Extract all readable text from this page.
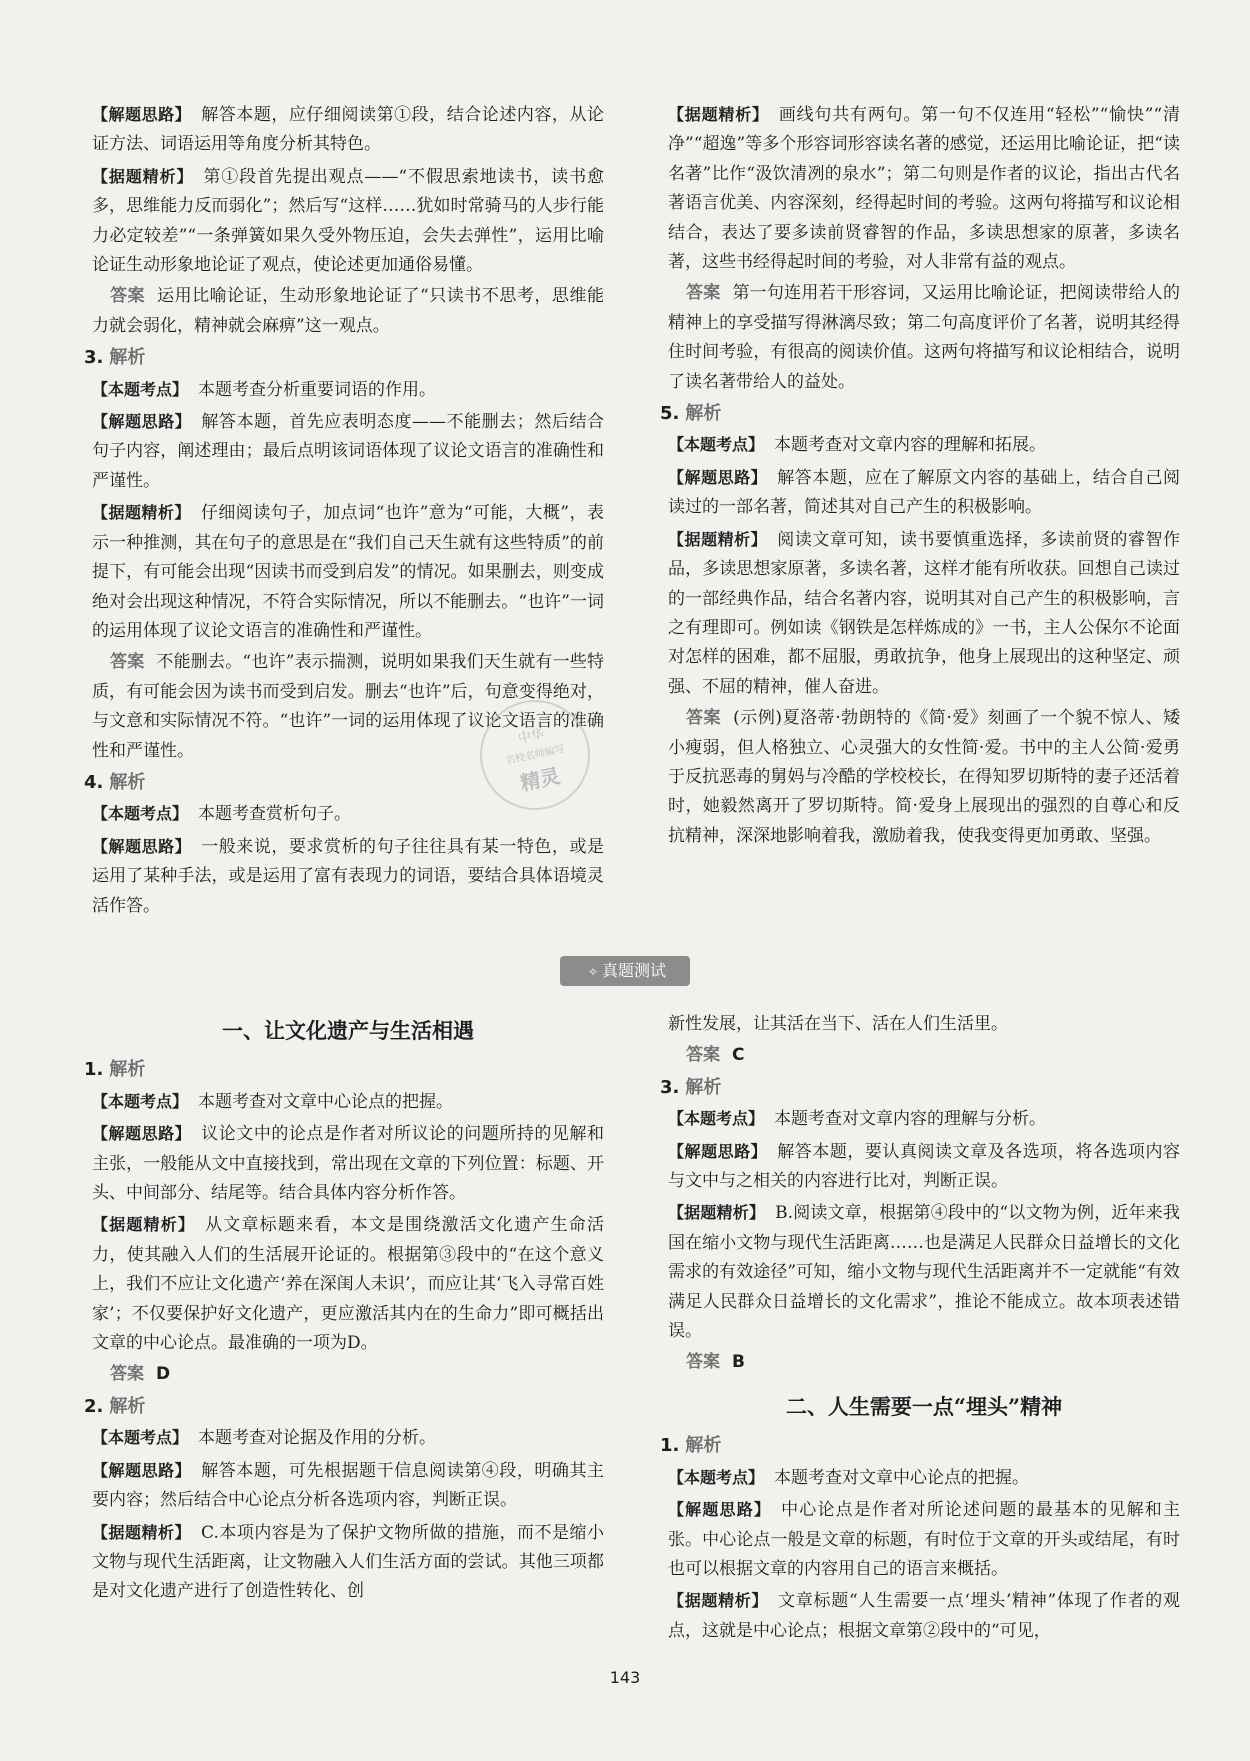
【解题思路】 解答本题，应仔细阅读第①段，结合论述内容，从论证方法、词语运用等角度分析其特色。

【据题精析】 第①段首先提出观点——“不假思索地读书，读书愈多，思维能力反而弱化”；然后写“这样……犹如时常骑马的人步行能力必定较差”“一条弹簧如果久受外物压迫，会失去弹性”，运用比喻论证生动形象地论证了观点，使论述更加通俗易懂。

答案 运用比喻论证，生动形象地论证了“只读书不思考，思维能力就会弱化，精神就会麻痹”这一观点。

3. 解析

【本题考点】 本题考查分析重要词语的作用。

【解题思路】 解答本题，首先应表明态度——不能删去；然后结合句子内容，阐述理由；最后点明该词语体现了议论文语言的准确性和严谨性。

【据题精析】 仔细阅读句子，加点词“也许”意为“可能，大概”，表示一种推测，其在句子的意思是在“我们自己天生就有这些特质”的前提下，有可能会出现“因读书而受到启发”的情况。如果删去，则变成绝对会出现这种情况，不符合实际情况，所以不能删去。“也许”一词的运用体现了议论文语言的准确性和严谨性。

答案 不能删去。“也许”表示揣测，说明如果我们天生就有一些特质，有可能会因为读书而受到启发。删去“也许”后，句意变得绝对，与文意和实际情况不符。“也许”一词的运用体现了议论文语言的准确性和严谨性。

4. 解析

【本题考点】 本题考查赏析句子。

【解题思路】 一般来说，要求赏析的句子往往具有某一特色，或是运用了某种手法，或是运用了富有表现力的词语，要结合具体语境灵活作答。

【据题精析】 画线句共有两句。第一句不仅连用“轻松”“愉快”“清净”“超逸”等多个形容词形容读名著的感觉，还运用比喻论证，把“读名著”比作“汲饮清冽的泉水”；第二句则是作者的议论，指出古代名著语言优美、内容深刻，经得起时间的考验。这两句将描写和议论相结合，表达了要多读前贤睿智的作品，多读思想家的原著，多读名著，这些书经得起时间的考验，对人非常有益的观点。

答案 第一句连用若干形容词，又运用比喻论证，把阅读带给人的精神上的享受描写得淋漓尽致；第二句高度评价了名著，说明其经得住时间考验，有很高的阅读价值。这两句将描写和议论相结合，说明了读名著带给人的益处。

5. 解析

【本题考点】 本题考查对文章内容的理解和拓展。

【解题思路】 解答本题，应在了解原文内容的基础上，结合自己阅读过的一部名著，简述其对自己产生的积极影响。

【据题精析】 阅读文章可知，读书要慎重选择，多读前贤的睿智作品，多读思想家原著，多读名著，这样才能有所收获。回想自己读过的一部经典作品，结合名著内容，说明其对自己产生的积极影响，言之有理即可。例如读《钢铁是怎样炼成的》一书，主人公保尔不论面对怎样的困难，都不屈服，勇敢抗争，他身上展现出的这种坚定、顽强、不屈的精神，催人奋进。

答案 (示例)夏洛蒂·勃朗特的《简·爱》刻画了一个貌不惊人、矮小瘦弱，但人格独立、心灵强大的女性简·爱。书中的主人公简·爱勇于反抗恶毒的舅妈与冷酷的学校校长，在得知罗切斯特的妻子还活着时，她毅然离开了罗切斯特。简·爱身上展现出的强烈的自尊心和反抗精神，深深地影响着我，激励着我，使我变得更加勇敢、坚强。

中华
名校名师编写
精灵
✧ 真题测试
一、让文化遗产与生活相遇
1. 解析

【本题考点】 本题考查对文章中心论点的把握。

【解题思路】 议论文中的论点是作者对所议论的问题所持的见解和主张，一般能从文中直接找到，常出现在文章的下列位置：标题、开头、中间部分、结尾等。结合具体内容分析作答。

【据题精析】 从文章标题来看，本文是围绕激活文化遗产生命活力，使其融入人们的生活展开论证的。根据第③段中的“在这个意义上，我们不应让文化遗产‘养在深闺人未识’，而应让其‘飞入寻常百姓家’；不仅要保护好文化遗产，更应激活其内在的生命力”即可概括出文章的中心论点。最准确的一项为D。

答案 D

2. 解析

【本题考点】 本题考查对论据及作用的分析。

【解题思路】 解答本题，可先根据题干信息阅读第④段，明确其主要内容；然后结合中心论点分析各选项内容，判断正误。

【据题精析】 C.本项内容是为了保护文物所做的措施，而不是缩小文物与现代生活距离，让文物融入人们生活方面的尝试。其他三项都是对文化遗产进行了创造性转化、创

新性发展，让其活在当下、活在人们生活里。

答案 C

3. 解析

【本题考点】 本题考查对文章内容的理解与分析。

【解题思路】 解答本题，要认真阅读文章及各选项，将各选项内容与文中与之相关的内容进行比对，判断正误。

【据题精析】 B.阅读文章，根据第④段中的“以文物为例，近年来我国在缩小文物与现代生活距离……也是满足人民群众日益增长的文化需求的有效途径”可知，缩小文物与现代生活距离并不一定就能“有效满足人民群众日益增长的文化需求”，推论不能成立。故本项表述错误。

答案 B

二、人生需要一点“埋头”精神
1. 解析

【本题考点】 本题考查对文章中心论点的把握。

【解题思路】 中心论点是作者对所论述问题的最基本的见解和主张。中心论点一般是文章的标题，有时位于文章的开头或结尾，有时也可以根据文章的内容用自己的语言来概括。

【据题精析】 文章标题“人生需要一点‘埋头’精神”体现了作者的观点，这就是中心论点；根据文章第②段中的“可见，

143
